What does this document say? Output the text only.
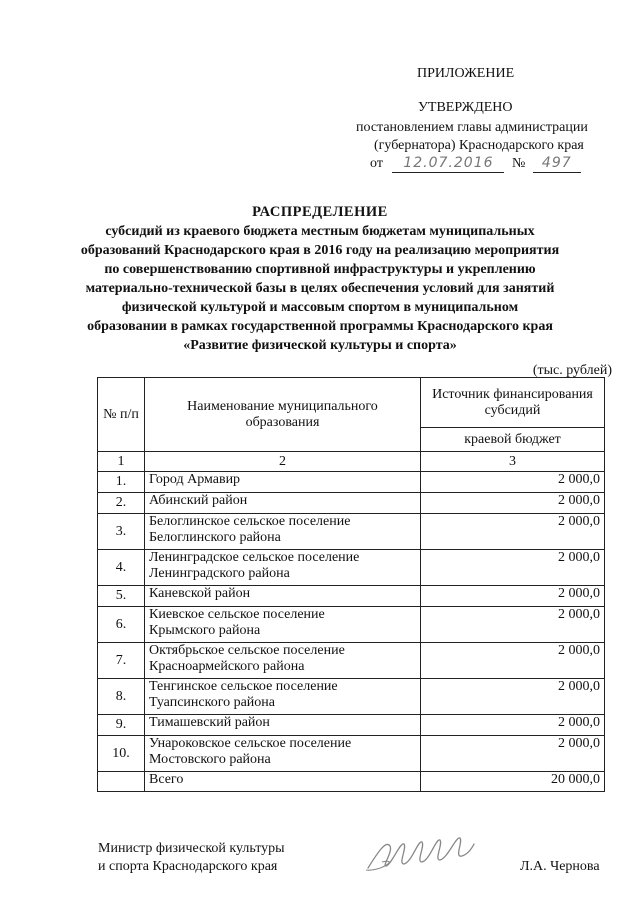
ПРИЛОЖЕНИЕ
УТВЕРЖДЕНО
постановлением главы администрации
(губернатора) Краснодарского края
от 12.07.2016 № 497
РАСПРЕДЕЛЕНИЕ
субсидий из краевого бюджета местным бюджетам муниципальных
образований Краснодарского края в 2016 году на реализацию мероприятия
по совершенствованию спортивной инфраструктуры и укреплению
материально-технической базы в целях обеспечения условий для занятий
физической культурой и массовым спортом в муниципальном
образовании в рамках государственной программы Краснодарского края
«Развитие физической культуры и спорта»
(тыс. рублей)
№ п/п	Наименование муниципального образования	Источник финансирования субсидий
		краевой бюджет
1	2	3
1.	Город Армавир	2 000,0
2.	Абинский район	2 000,0
3.	Белоглинское сельское поселение
Белоглинского района	2 000,0
4.	Ленинградское сельское поселение
Ленинградского района	2 000,0
5.	Каневской район	2 000,0
6.	Киевское сельское поселение
Крымского района	2 000,0
7.	Октябрьское сельское поселение
Красноармейского района	2 000,0
8.	Тенгинское сельское поселение
Туапсинского района	2 000,0
9.	Тимашевский район	2 000,0
10.	Унароковское сельское поселение
Мостовского района	2 000,0
	Всего	20 000,0
Министр физической культуры
и спорта Краснодарского края	Л.А. Чернова
